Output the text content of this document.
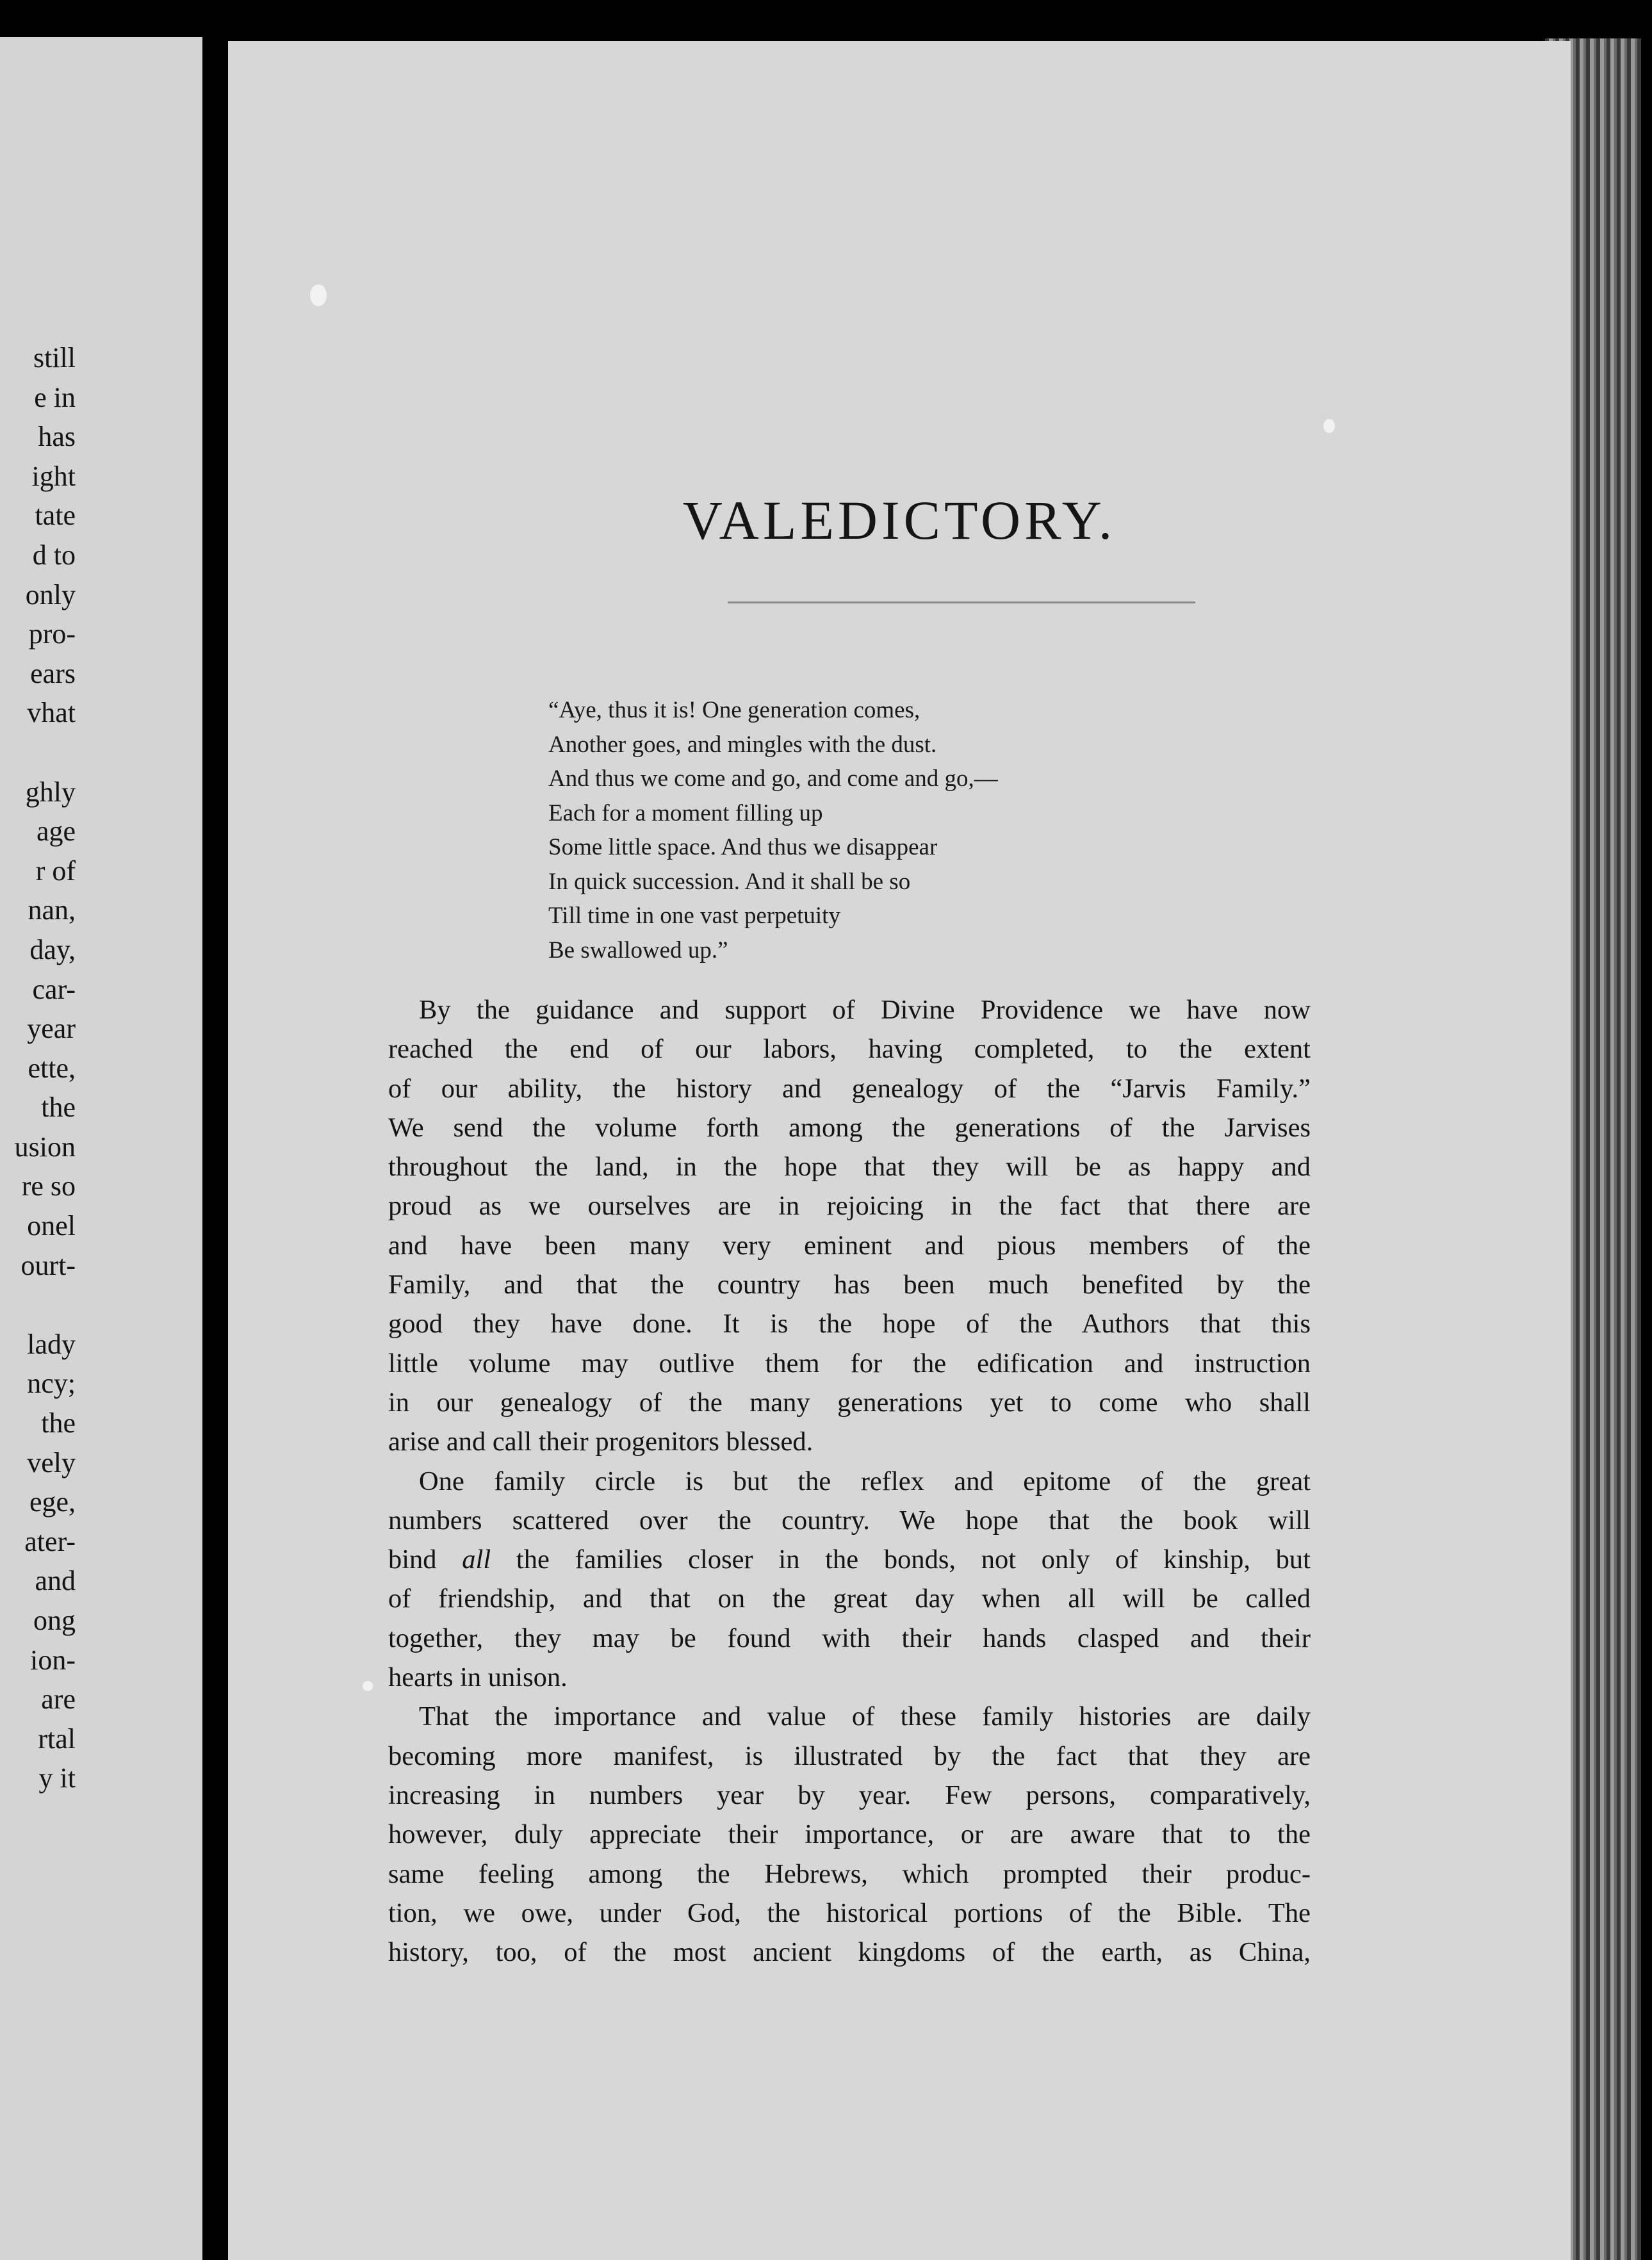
still
e in
has
ight
tate
d to
only
pro-
ears
vhat
ghly
age
r of
nan,
day,
car-
year
ette,
the
usion
re so
onel
ourt-
lady
ncy;
the
vely
ege,
ater-
and
ong
ion-
are
rtal
y it
VALEDICTORY.
“Aye, thus it is! One generation comes,
Another goes, and mingles with the dust.
And thus we come and go, and come and go,—
Each for a moment filling up
Some little space. And thus we disappear
In quick succession. And it shall be so
Till time in one vast perpetuity
Be swallowed up.”
By the guidance and support of Divine Providence we have now
reached the end of our labors, having completed, to the extent
of our ability, the history and genealogy of the “Jarvis Family.”
We send the volume forth among the generations of the Jarvises
throughout the land, in the hope that they will be as happy and
proud as we ourselves are in rejoicing in the fact that there are
and have been many very eminent and pious members of the
Family, and that the country has been much benefited by the
good they have done. It is the hope of the Authors that this
little volume may outlive them for the edification and instruction
in our genealogy of the many generations yet to come who shall
arise and call their progenitors blessed.
One family circle is but the reflex and epitome of the great
numbers scattered over the country. We hope that the book will
bind all the families closer in the bonds, not only of kinship, but
of friendship, and that on the great day when all will be called
together, they may be found with their hands clasped and their
hearts in unison.
That the importance and value of these family histories are daily
becoming more manifest, is illustrated by the fact that they are
increasing in numbers year by year. Few persons, comparatively,
however, duly appreciate their importance, or are aware that to the
same feeling among the Hebrews, which prompted their produc-
tion, we owe, under God, the historical portions of the Bible. The
history, too, of the most ancient kingdoms of the earth, as China,
